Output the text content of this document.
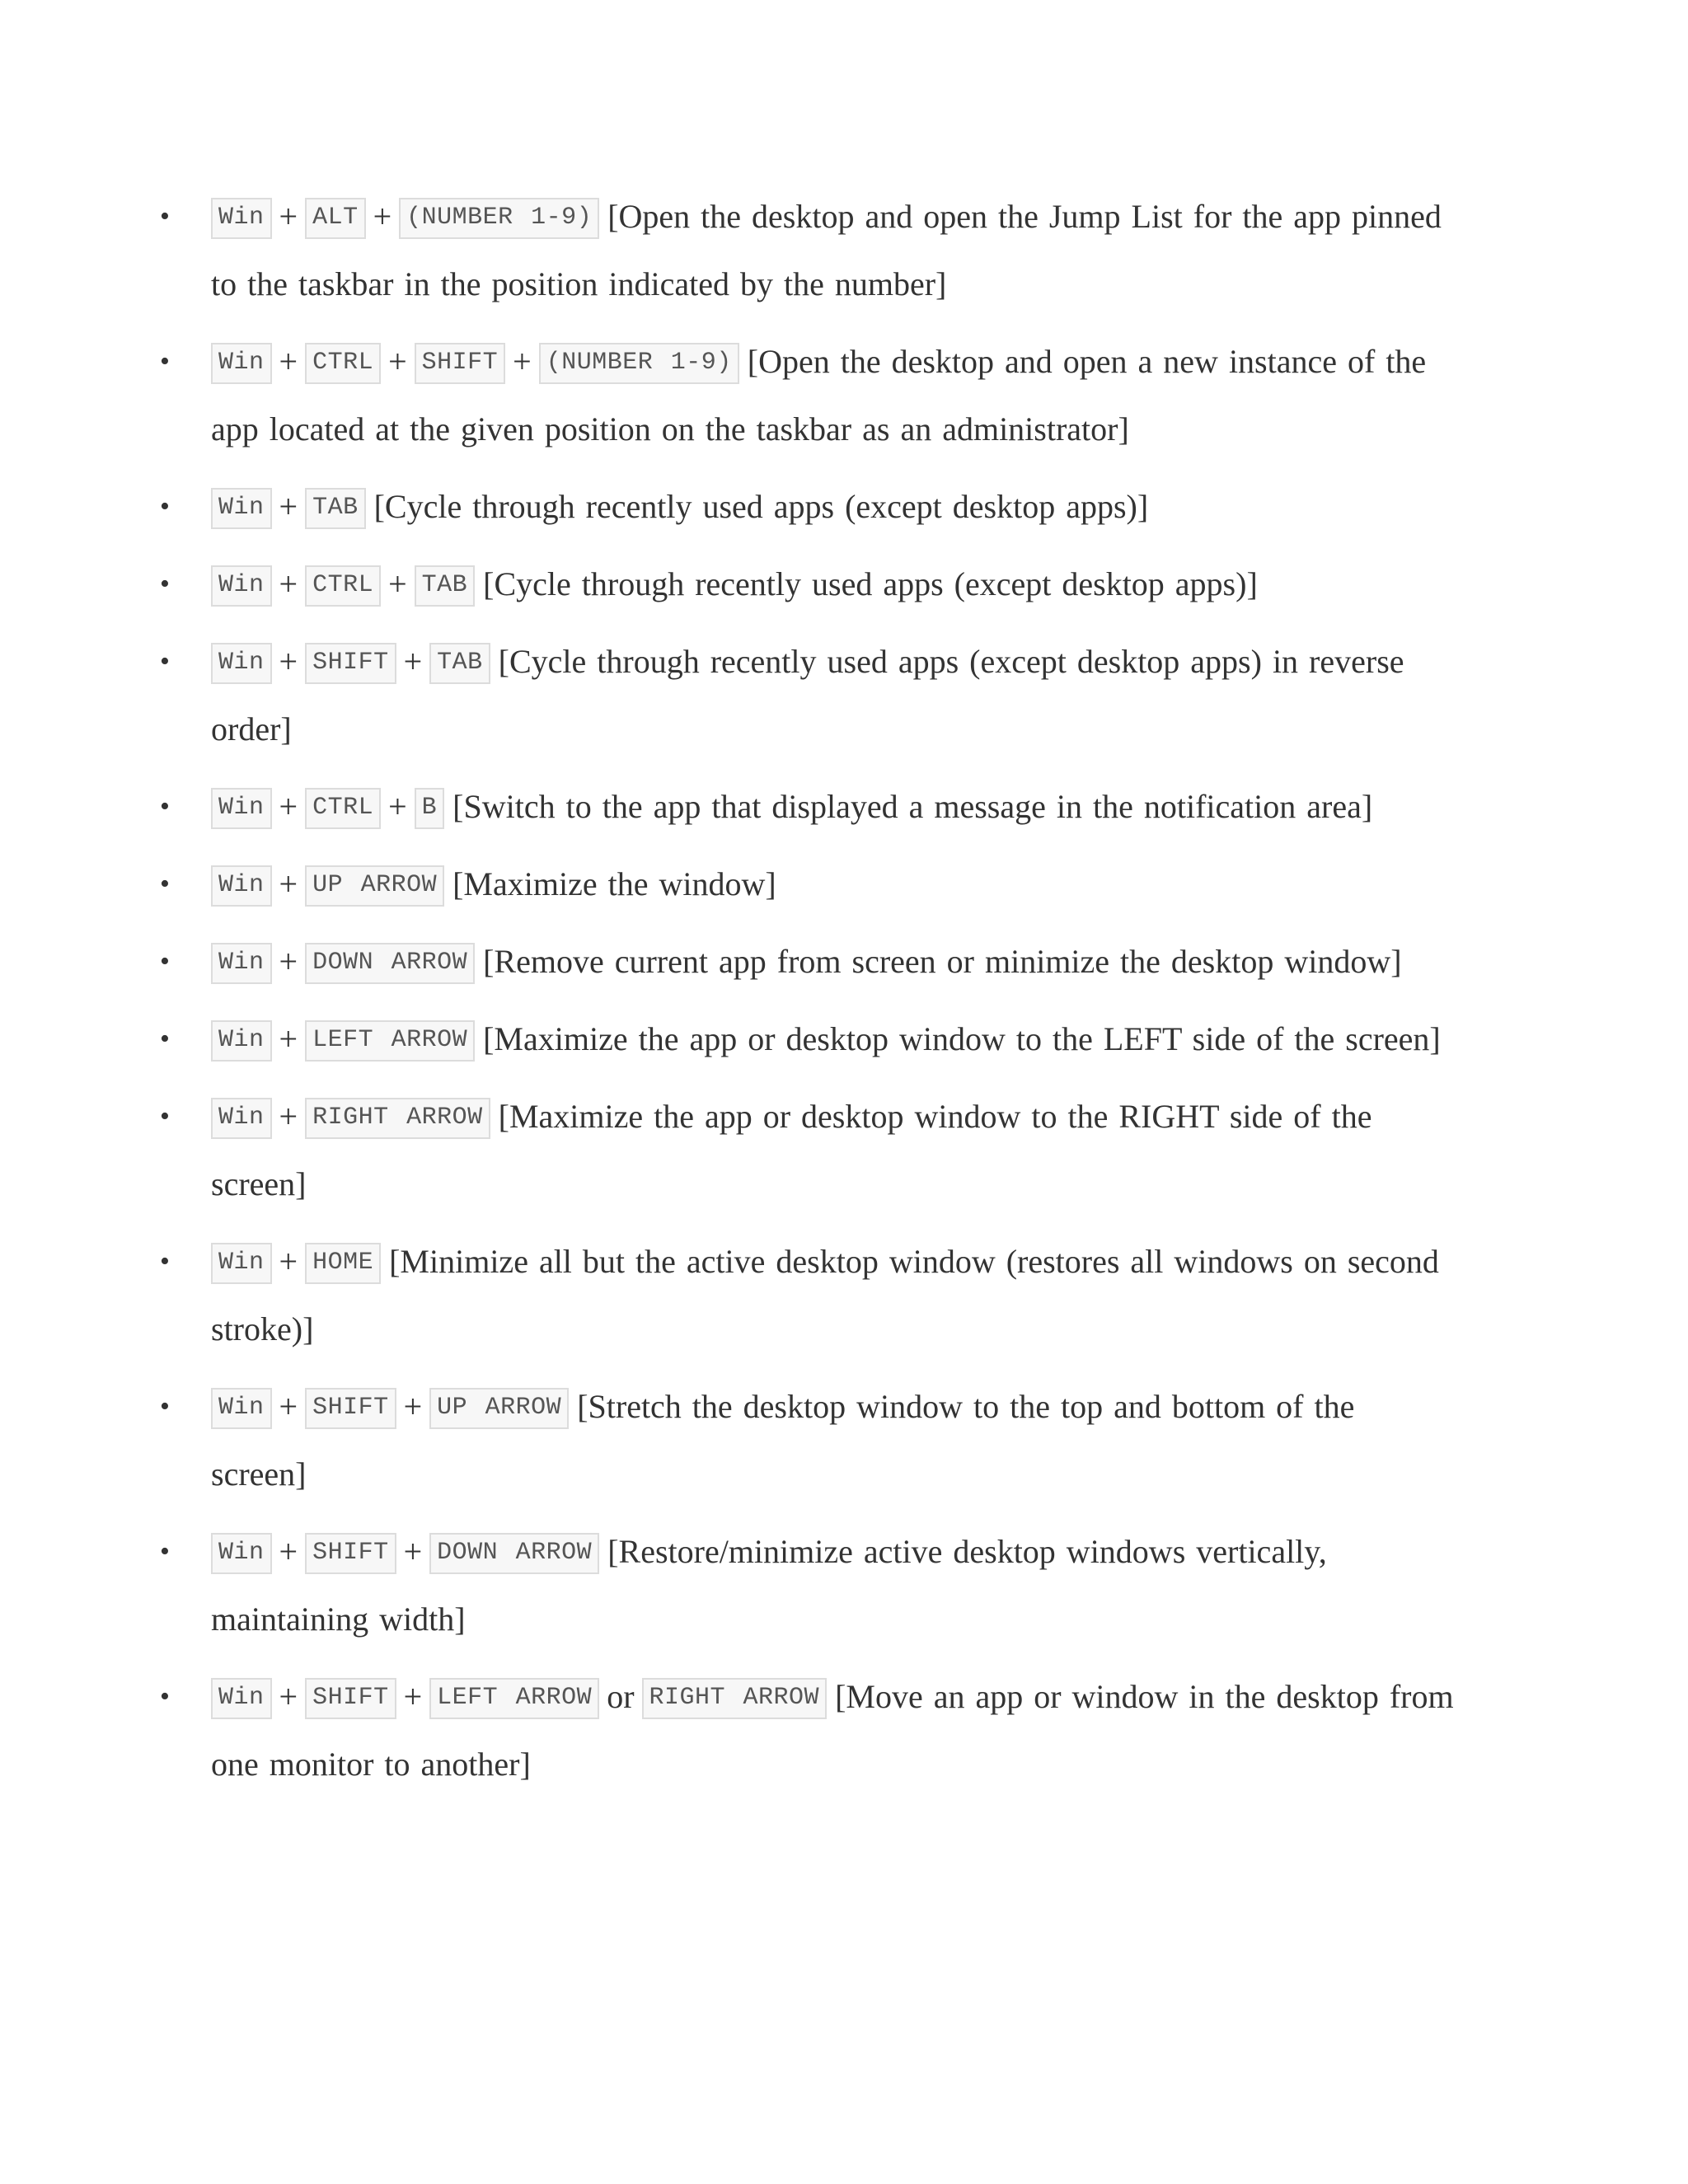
• Win + ALT + (NUMBER 1-9) [Open the desktop and open the Jump List for the app pinned to the taskbar in the position indicated by the number]
• Win + CTRL + SHIFT + (NUMBER 1-9) [Open the desktop and open a new instance of the app located at the given position on the taskbar as an administrator]
• Win + TAB [Cycle through recently used apps (except desktop apps)]
• Win + CTRL + TAB [Cycle through recently used apps (except desktop apps)]
• Win + SHIFT + TAB [Cycle through recently used apps (except desktop apps) in reverse order]
• Win + CTRL + B [Switch to the app that displayed a message in the notification area]
• Win + UP ARROW [Maximize the window]
• Win + DOWN ARROW [Remove current app from screen or minimize the desktop window]
• Win + LEFT ARROW [Maximize the app or desktop window to the LEFT side of the screen]
• Win + RIGHT ARROW [Maximize the app or desktop window to the RIGHT side of the screen]
• Win + HOME [Minimize all but the active desktop window (restores all windows on second stroke)]
• Win + SHIFT + UP ARROW [Stretch the desktop window to the top and bottom of the screen]
• Win + SHIFT + DOWN ARROW [Restore/minimize active desktop windows vertically, maintaining width]
• Win + SHIFT + LEFT ARROW or RIGHT ARROW [Move an app or window in the desktop from one monitor to another]
